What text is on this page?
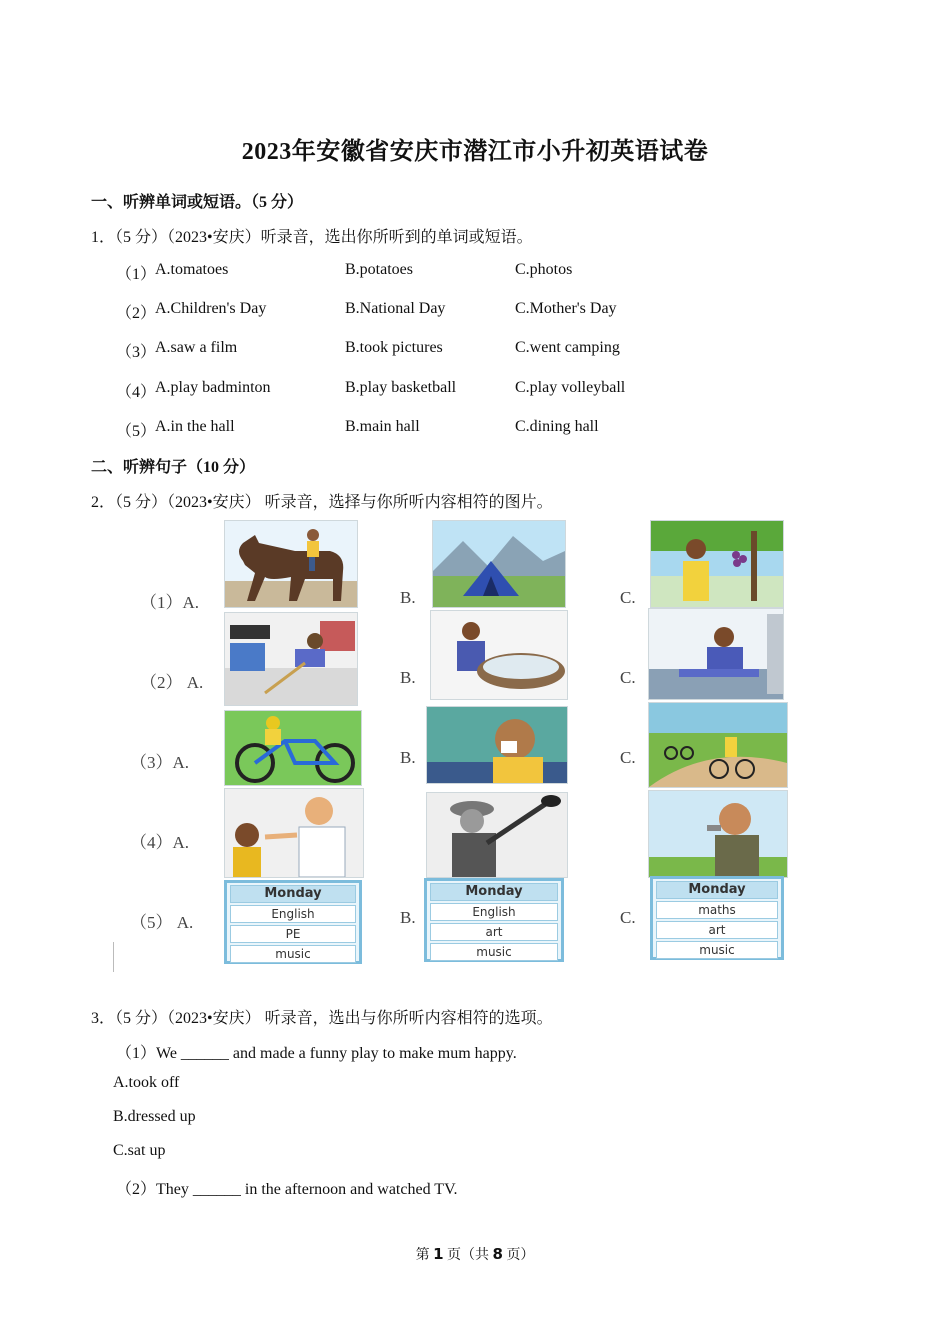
2023年安徽省安庆市潜江市小升初英语试卷
一、听辨单词或短语。（5 分）
1．（5 分）（2023•安庆）听录音，选出你所听到的单词或短语。
（1）
A.tomatoes	B.potatoes	C.photos
（2）
A.Children's Day	B.National Day	C.Mother's Day
（3）
A.saw a film	B.took pictures	C.went camping
（4）
A.play badminton	B.play basketball	C.play volleyball
（5）
A.in the hall	B.main hall	C.dining hall
二、听辨句子（10 分）
2．（5 分）（2023•安庆） 听录音，选择与你所听内容相符的图片。
（1）A.	B.	C.
（2） A.	B.	C.
（3）A.	B.	C.
（4）A.
（5） A.	B.	C.
Monday
English
PE
music
Monday
English
art
music
Monday
maths
art
music
3．（5 分）（2023•安庆） 听录音，选出与你所听内容相符的选项。
（1）We ______ and made a funny play to make mum happy.
A.took off
B.dressed up
C.sat up
（2）They ______ in the afternoon and watched TV.
第 1 页（共 8 页）
